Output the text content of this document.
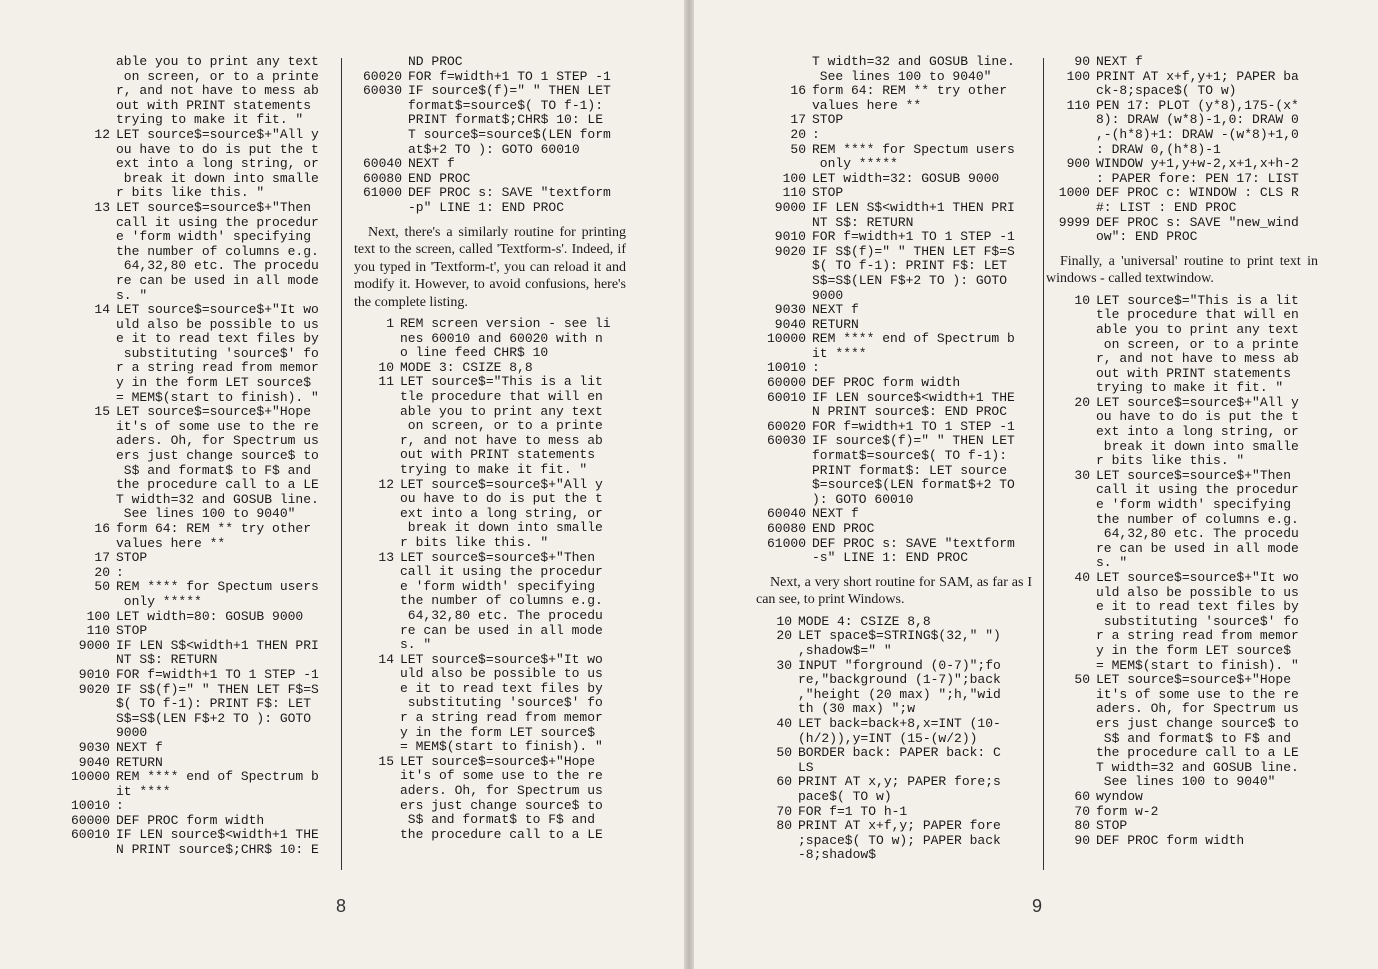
able you to print any text
on screen, or to a printe
r, and not have to mess ab
out with PRINT statements
trying to make it fit. "
12 LET source$=source$+"All y
ou have to do is put the t
ext into a long string, or
break it down into smalle
r bits like this. "
13 LET source$=source$+"Then
call it using the procedur
e 'form width' specifying
the number of columns e.g.
64,32,80 etc. The procedu
re can be used in all mode
s. "
14 LET source$=source$+"It wo
uld also be possible to us
e it to read text files by
substituting 'source$' fo
r a string read from memor
y in the form LET source$
= MEM$(start to finish). "
15 LET source$=source$+"Hope
it's of some use to the re
aders. Oh, for Spectrum us
ers just change source$ to
S$ and format$ to F$ and
the procedure call to a LE
T width=32 and GOSUB line.
See lines 100 to 9040"
16 form 64: REM ** try other
values here **
17 STOP
20 :
50 REM **** for Spectum users
only *****
100 LET width=80: GOSUB 9000
110 STOP
9000 IF LEN S$<width+1 THEN PRI
NT S$: RETURN
9010 FOR f=width+1 TO 1 STEP -1
9020 IF S$(f)=" " THEN LET F$=S
$( TO f-1): PRINT F$: LET
S$=S$(LEN F$+2 TO ): GOTO
9000
9030 NEXT f
9040 RETURN
10000 REM **** end of Spectrum b
it ****
10010 :
60000 DEF PROC form width
60010 IF LEN source$<width+1 THE
N PRINT source$;CHR$ 10: E
ND PROC
60020 FOR f=width+1 TO 1 STEP -1
60030 IF source$(f)=" " THEN LET
format$=source$( TO f-1):
PRINT format$;CHR$ 10: LE
T source$=source$(LEN form
at$+2 TO ): GOTO 60010
60040 NEXT f
60080 END PROC
61000 DEF PROC s: SAVE "textform
-p" LINE 1: END PROC
Next, there's a similarly routine for printing text to the screen, called 'Textform-s'. Indeed, if you typed in 'Textform-t', you can reload it and modify it. However, to avoid confusions, here's the complete listing.
1 REM screen version - see li
nes 60010 and 60020 with n
o line feed CHR$ 10
10 MODE 3: CSIZE 8,8
11 LET source$="This is a lit
tle procedure that will en
able you to print any text
on screen, or to a printe
r, and not have to mess ab
out with PRINT statements
trying to make it fit. "
12 LET source$=source$+"All y
ou have to do is put the t
ext into a long string, or
break it down into smalle
r bits like this. "
13 LET source$=source$+"Then
call it using the procedur
e 'form width' specifying
the number of columns e.g.
64,32,80 etc. The procedu
re can be used in all mode
s. "
14 LET source$=source$+"It wo
uld also be possible to us
e it to read text files by
substituting 'source$' fo
r a string read from memor
y in the form LET source$
= MEM$(start to finish). "
15 LET source$=source$+"Hope
it's of some use to the re
aders. Oh, for Spectrum us
ers just change source$ to
S$ and format$ to F$ and
the procedure call to a LE
8
T width=32 and GOSUB line.
See lines 100 to 9040"
16 form 64: REM ** try other
values here **
17 STOP
20 :
50 REM **** for Spectum users
only *****
100 LET width=32: GOSUB 9000
110 STOP
9000 IF LEN S$<width+1 THEN PRI
NT S$: RETURN
9010 FOR f=width+1 TO 1 STEP -1
9020 IF S$(f)=" " THEN LET F$=S
$( TO f-1): PRINT F$: LET
S$=S$(LEN F$+2 TO ): GOTO
9000
9030 NEXT f
9040 RETURN
10000 REM **** end of Spectrum b
it ****
10010 :
60000 DEF PROC form width
60010 IF LEN source$<width+1 THE
N PRINT source$: END PROC
60020 FOR f=width+1 TO 1 STEP -1
60030 IF source$(f)=" " THEN LET
format$=source$( TO f-1):
PRINT format$: LET source
$=source$(LEN format$+2 TO
): GOTO 60010
60040 NEXT f
60080 END PROC
61000 DEF PROC s: SAVE "textform
-s" LINE 1: END PROC
Next, a very short routine for SAM, as far as I can see, to print Windows.
10 MODE 4: CSIZE 8,8
20 LET space$=STRING$(32," ")
,shadow$=" "
30 INPUT "forground (0-7)";fo
re,"background (1-7)";back
,"height (20 max) ";h,"wid
th (30 max) ";w
40 LET back=back+8,x=INT (10-
(h/2)),y=INT (15-(w/2))
50 BORDER back: PAPER back: C
LS
60 PRINT AT x,y; PAPER fore;s
pace$( TO w)
70 FOR f=1 TO h-1
80 PRINT AT x+f,y; PAPER fore
;space$( TO w); PAPER back
-8;shadow$
90 NEXT f
100 PRINT AT x+f,y+1; PAPER ba
ck-8;space$( TO w)
110 PEN 17: PLOT (y*8),175-(x*
8): DRAW (w*8)-1,0: DRAW 0
,-(h*8)+1: DRAW -(w*8)+1,0
: DRAW 0,(h*8)-1
900 WINDOW y+1,y+w-2,x+1,x+h-2
: PAPER fore: PEN 17: LIST
1000 DEF PROC c: WINDOW : CLS R
#: LIST : END PROC
9999 DEF PROC s: SAVE "new_wind
ow": END PROC
Finally, a 'universal' routine to print text in windows - called textwindow.
10 LET source$="This is a lit
tle procedure that will en
able you to print any text
on screen, or to a printe
r, and not have to mess ab
out with PRINT statements
trying to make it fit. "
20 LET source$=source$+"All y
ou have to do is put the t
ext into a long string, or
break it down into smalle
r bits like this. "
30 LET source$=source$+"Then
call it using the procedur
e 'form width' specifying
the number of columns e.g.
64,32,80 etc. The procedu
re can be used in all mode
s. "
40 LET source$=source$+"It wo
uld also be possible to us
e it to read text files by
substituting 'source$' fo
r a string read from memor
y in the form LET source$
= MEM$(start to finish). "
50 LET source$=source$+"Hope
it's of some use to the re
aders. Oh, for Spectrum us
ers just change source$ to
S$ and format$ to F$ and
the procedure call to a LE
T width=32 and GOSUB line.
See lines 100 to 9040"
60 wyndow
70 form w-2
80 STOP
90 DEF PROC form width
9
